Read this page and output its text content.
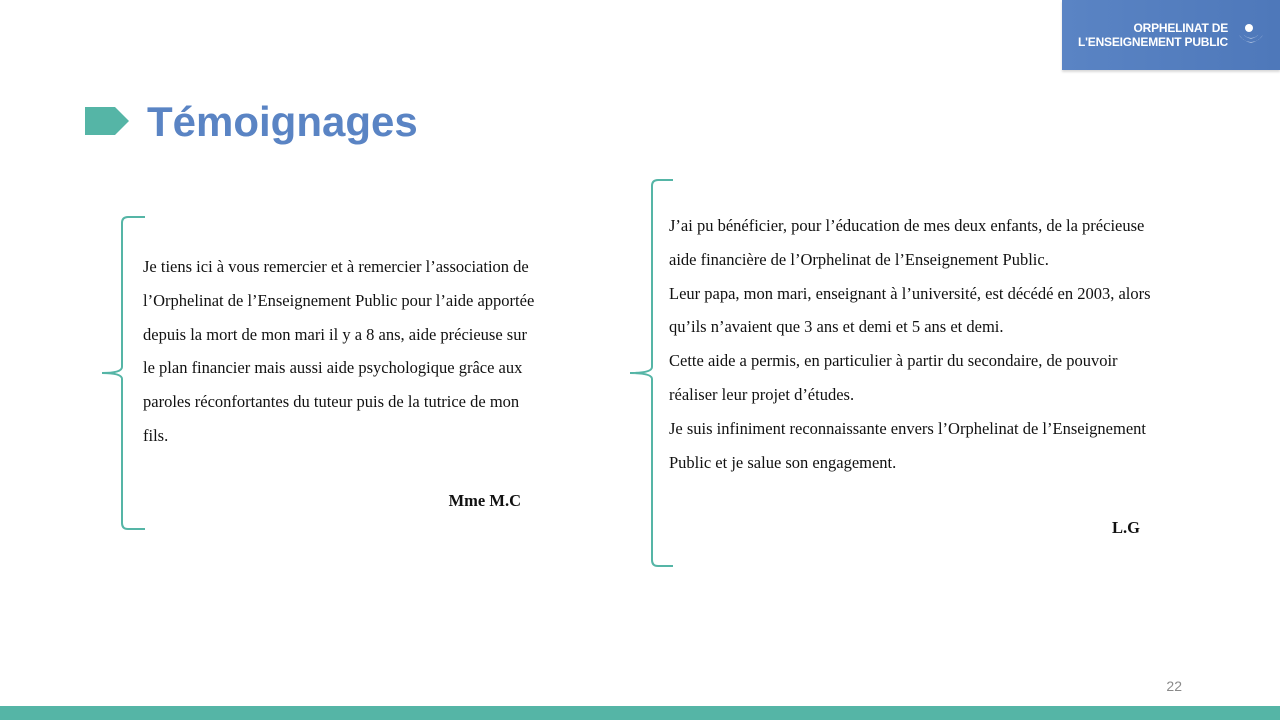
ORPHELINAT DE
L'ENSEIGNEMENT PUBLIC
Témoignages

Je tiens ici à vous remercier et à remercier l’association de l’Orphelinat de l’Enseignement Public pour l’aide apportée depuis la mort de mon mari il y a 8 ans, aide précieuse sur le plan financier mais aussi aide psychologique grâce aux paroles réconfortantes du tuteur puis de la tutrice de mon fils.

Mme M.C

J’ai pu bénéficier, pour l’éducation de mes deux enfants, de la précieuse aide financière de l’Orphelinat de l’Enseignement Public.

Leur papa, mon mari, enseignant à l’université, est décédé en 2003, alors qu’ils n’avaient que 3 ans et demi et 5 ans et demi.

Cette aide a permis, en particulier à partir du secondaire, de pouvoir réaliser leur projet d’études.

Je suis infiniment reconnaissante envers l’Orphelinat de l’Enseignement Public et je salue son engagement.

L.G
22
